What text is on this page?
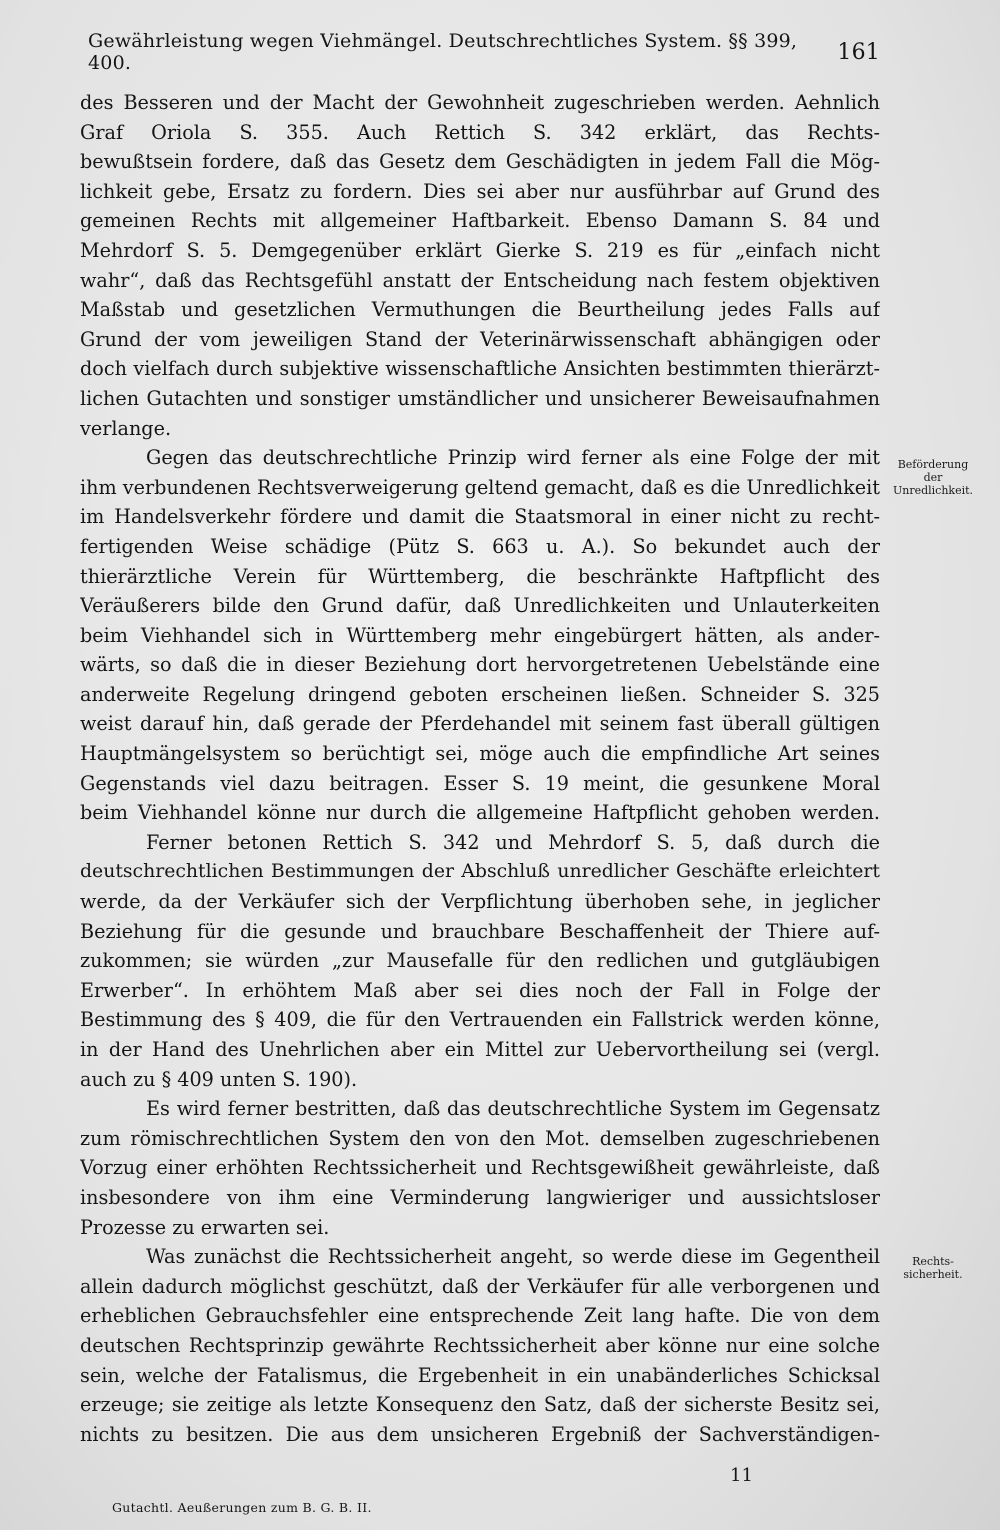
Gewährleistung wegen Viehmängel. Deutschrechtliches System. §§ 399, 400.	161
des Besseren und der Macht der Gewohnheit zugeschrieben werden. Aehnlich
Graf Oriola S. 355. Auch Rettich S. 342 erklärt, das Rechts-
bewußtsein fordere, daß das Gesetz dem Geschädigten in jedem Fall die Mög-
lichkeit gebe, Ersatz zu fordern. Dies sei aber nur ausführbar auf Grund des
gemeinen Rechts mit allgemeiner Haftbarkeit. Ebenso Damann S. 84 und
Mehrdorf S. 5. Demgegenüber erklärt Gierke S. 219 es für „einfach nicht
wahr“, daß das Rechtsgefühl anstatt der Entscheidung nach festem objektiven
Maßstab und gesetzlichen Vermuthungen die Beurtheilung jedes Falls auf
Grund der vom jeweiligen Stand der Veterinärwissenschaft abhängigen oder
doch vielfach durch subjektive wissenschaftliche Ansichten bestimmten thierärzt-
lichen Gutachten und sonstiger umständlicher und unsicherer Beweisaufnahmen
verlange.
Gegen das deutschrechtliche Prinzip wird ferner als eine Folge der mit
ihm verbundenen Rechtsverweigerung geltend gemacht, daß es die Unredlichkeit
im Handelsverkehr fördere und damit die Staatsmoral in einer nicht zu recht-
fertigenden Weise schädige (Pütz S. 663 u. A.). So bekundet auch der
thierärztliche Verein für Württemberg, die beschränkte Haftpflicht des
Veräußerers bilde den Grund dafür, daß Unredlichkeiten und Unlauterkeiten
beim Viehhandel sich in Württemberg mehr eingebürgert hätten, als ander-
wärts, so daß die in dieser Beziehung dort hervorgetretenen Uebelstände eine
anderweite Regelung dringend geboten erscheinen ließen. Schneider S. 325
weist darauf hin, daß gerade der Pferdehandel mit seinem fast überall gültigen
Hauptmängelsystem so berüchtigt sei, möge auch die empfindliche Art seines
Gegenstands viel dazu beitragen. Esser S. 19 meint, die gesunkene Moral
beim Viehhandel könne nur durch die allgemeine Haftpflicht gehoben werden.
Ferner betonen Rettich S. 342 und Mehrdorf S. 5, daß durch die
deutschrechtlichen Bestimmungen der Abschluß unredlicher Geschäfte erleichtert
werde, da der Verkäufer sich der Verpflichtung überhoben sehe, in jeglicher
Beziehung für die gesunde und brauchbare Beschaffenheit der Thiere auf-
zukommen; sie würden „zur Mausefalle für den redlichen und gutgläubigen
Erwerber“. In erhöhtem Maß aber sei dies noch der Fall in Folge der
Bestimmung des § 409, die für den Vertrauenden ein Fallstrick werden könne,
in der Hand des Unehrlichen aber ein Mittel zur Uebervortheilung sei (vergl.
auch zu § 409 unten S. 190).
Es wird ferner bestritten, daß das deutschrechtliche System im Gegensatz
zum römischrechtlichen System den von den Mot. demselben zugeschriebenen
Vorzug einer erhöhten Rechtssicherheit und Rechtsgewißheit gewährleiste, daß
insbesondere von ihm eine Verminderung langwieriger und aussichtsloser
Prozesse zu erwarten sei.
Was zunächst die Rechtssicherheit angeht, so werde diese im Gegentheil
allein dadurch möglichst geschützt, daß der Verkäufer für alle verborgenen und
erheblichen Gebrauchsfehler eine entsprechende Zeit lang hafte. Die von dem
deutschen Rechtsprinzip gewährte Rechtssicherheit aber könne nur eine solche
sein, welche der Fatalismus, die Ergebenheit in ein unabänderliches Schicksal
erzeuge; sie zeitige als letzte Konsequenz den Satz, daß der sicherste Besitz sei,
nichts zu besitzen. Die aus dem unsicheren Ergebniß der Sachverständigen-
Beförderung
der
Unredlichkeit.
Rechts-
sicherheit.
11
Gutachtl. Aeußerungen zum B. G. B. II.
